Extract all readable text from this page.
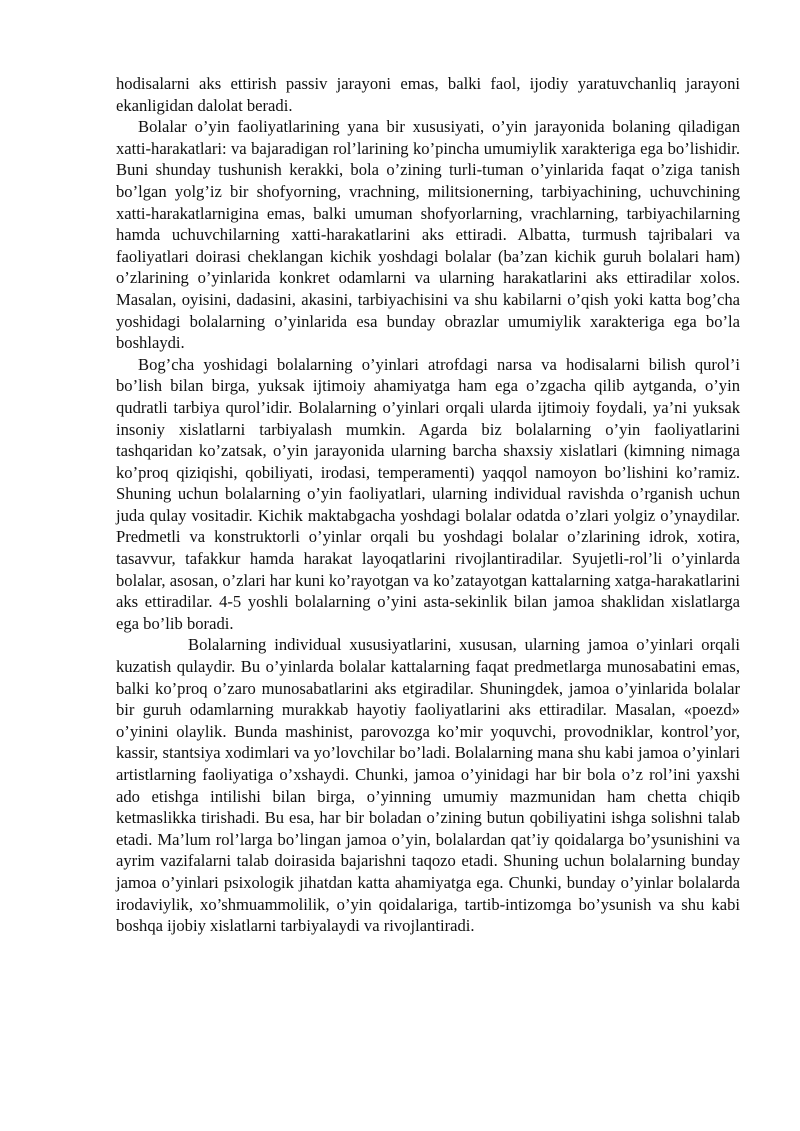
hodisalarni aks ettirish passiv jarayoni emas, balki faol, ijodiy yaratuvchanliq jarayoni ekanligidan dalolat beradi.

Bolalar o’yin faoliyatlarining yana bir xususiyati, o’yin jarayonida bolaning qiladigan xatti-harakatlari: va bajaradigan rol’larining ko’pincha umumiylik xarakteriga ega bo’lishidir. Buni shunday tushunish kerakki, bola o’zining turli-tuman o’yinlarida faqat o’ziga tanish bo’lgan yolg’iz bir shofyorning, vrachning, militsionerning, tarbiyachining, uchuvchining xatti-harakatlarnigina emas, balki umuman shofyorlarning, vrachlarning, tarbiyachilarning hamda uchuvchilarning xatti-harakatlarini aks ettiradi. Albatta, turmush tajribalari va faoliyatlari doirasi cheklangan kichik yoshdagi bolalar (ba’zan kichik guruh bolalari ham) o’zlarining o’yinlarida konkret odamlarni va ularning harakatlarini aks ettiradilar xolos. Masalan, oyisini, dadasini, akasini, tarbiyachisini va shu kabilarni o’qish yoki katta bog’cha yoshidagi bolalarning o’yinlarida esa bunday obrazlar umumiylik xarakteriga ega bo’la boshlaydi.

Bog’cha yoshidagi bolalarning o’yinlari atrofdagi narsa va hodisalarni bilish qurol’i bo’lish bilan birga, yuksak ijtimoiy ahamiyatga ham ega o’zgacha qilib aytganda, o’yin qudratli tarbiya qurol’idir. Bolalarning o’yinlari orqali ularda ijtimoiy foydali, ya’ni yuksak insoniy xislatlarni tarbiyalash mumkin. Agarda biz bolalarning o’yin faoliyatlarini tashqaridan ko’zatsak, o’yin jarayonida ularning barcha shaxsiy xislatlari (kimning nimaga ko’proq qiziqishi, qobiliyati, irodasi, temperamenti) yaqqol namoyon bo’lishini ko’ramiz. Shuning uchun bolalarning o’yin faoliyatlari, ularning individual ravishda o’rganish uchun juda qulay vositadir. Kichik maktabgacha yoshdagi bolalar odatda o’zlari yolgiz o’ynaydilar. Predmetli va konstruktorli o’yinlar orqali bu yoshdagi bolalar o’zlarining idrok, xotira, tasavvur, tafakkur hamda harakat layoqatlarini rivojlantiradilar. Syujetli-rol’li o’yinlarda bolalar, asosan, o’zlari har kuni ko’rayotgan va ko’zatayotgan kattalarning xatga-harakatlarini aks ettiradilar. 4-5 yoshli bolalarning o’yini asta-sekinlik bilan jamoa shaklidan xislatlarga ega bo’lib boradi.

Bolalarning individual xususiyatlarini, xususan, ularning jamoa o’yinlari orqali kuzatish qulaydir. Bu o’yinlarda bolalar kattalarning faqat predmetlarga munosabatini emas, balki ko’proq o’zaro munosabatlarini aks etgiradilar. Shuningdek, jamoa o’yinlarida bolalar bir guruh odamlarning murakkab hayotiy faoliyatlarini aks ettiradilar. Masalan, «poezd» o’yinini olaylik. Bunda mashinist, parovozga ko’mir yoquvchi, provodniklar, kontrol’yor, kassir, stantsiya xodimlari va yo’lovchilar bo’ladi. Bolalarning mana shu kabi jamoa o’yinlari artistlarning faoliyatiga o’xshaydi. Chunki, jamoa o’yinidagi har bir bola o’z rol’ini yaxshi ado etishga intilishi bilan birga, o’yinning umumiy mazmunidan ham chetta chiqib ketmaslikka tirishadi. Bu esa, har bir boladan o’zining butun qobiliyatini ishga solishni talab etadi. Ma’lum rol’larga bo’lingan jamoa o’yin, bolalardan qat’iy qoidalarga bo’ysunishini va ayrim vazifalarni talab doirasida bajarishni taqozo etadi. Shuning uchun bolalarning bunday jamoa o’yinlari psixologik jihatdan katta ahamiyatga ega. Chunki, bunday o’yinlar bolalarda irodaviylik, xo’shmuammolilik, o’yin qoidalariga, tartib-intizomga bo’ysunish va shu kabi boshqa ijobiy xislatlarni tarbiyalaydi va rivojlantiradi.
